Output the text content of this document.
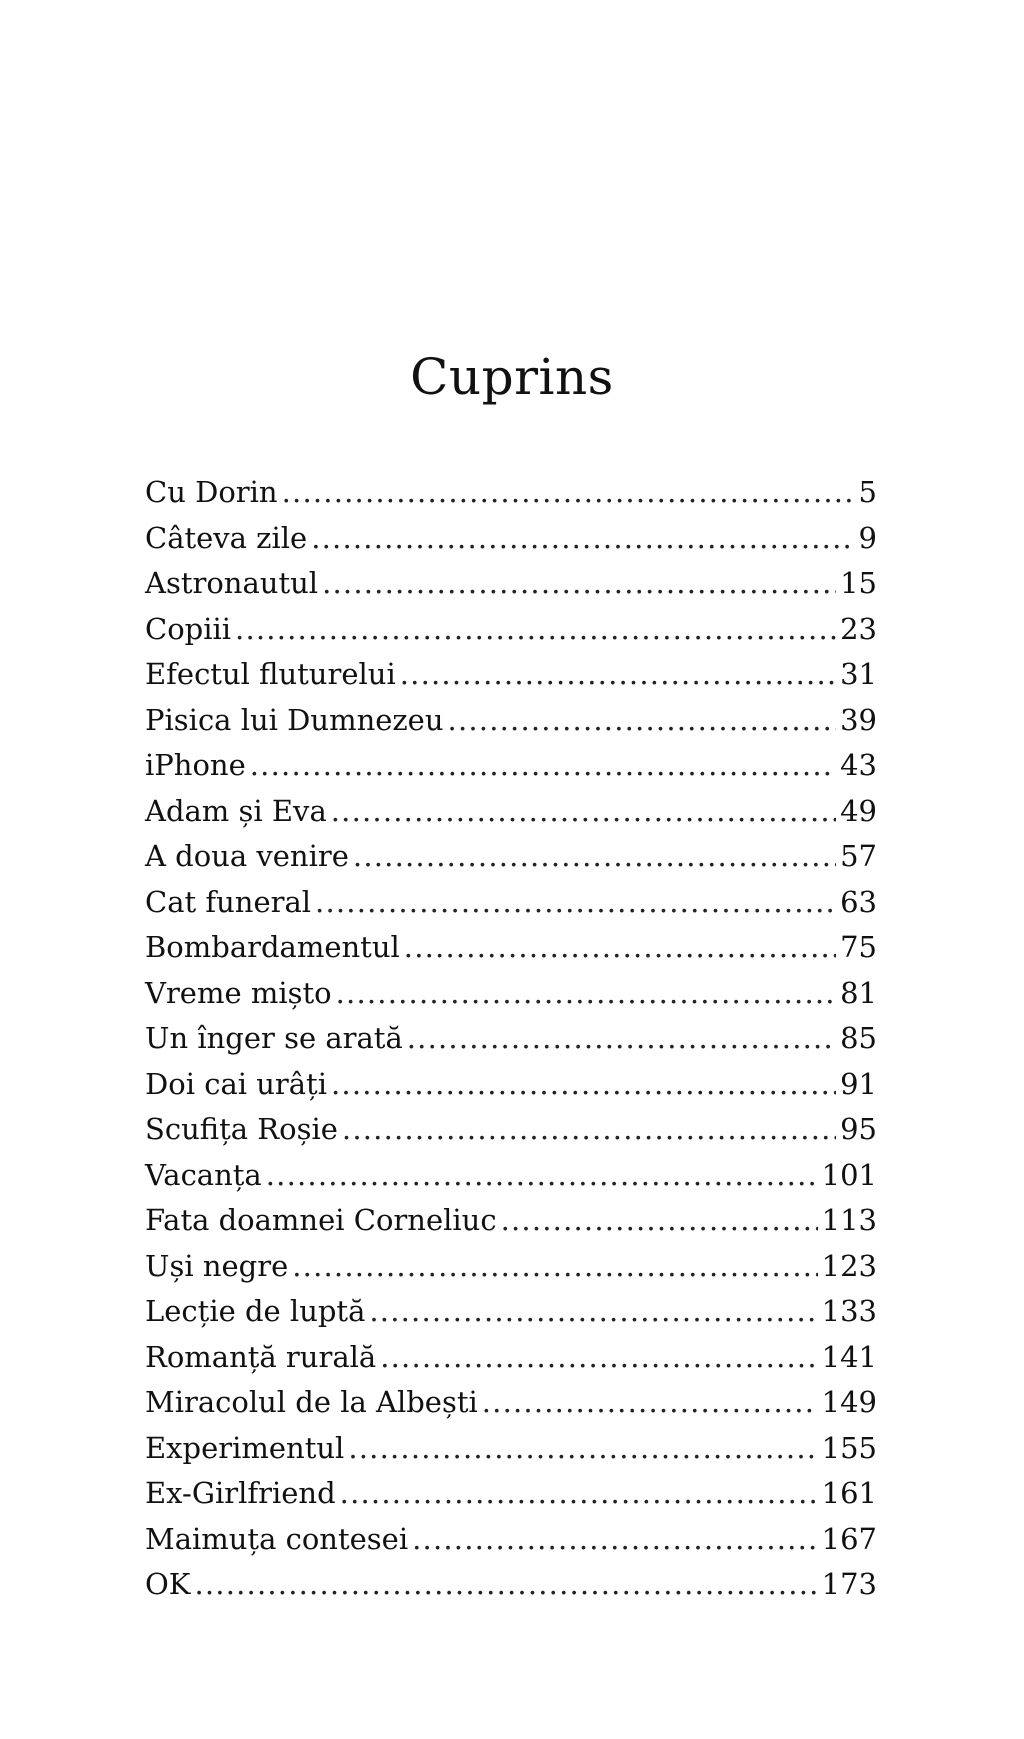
Cuprins
Cu Dorin .....	5
Câteva zile .....	9
Astronautul .....	15
Copiii .....	23
Efectul fluturelui .....	31
Pisica lui Dumnezeu .....	39
iPhone .....	43
Adam și Eva .....	49
A doua venire .....	57
Cat funeral .....	63
Bombardamentul .....	75
Vreme mișto .....	81
Un înger se arată .....	85
Doi cai urâți .....	91
Scufița Roșie .....	95
Vacanța .....	101
Fata doamnei Corneliuc .....	113
Uși negre .....	123
Lecție de luptă .....	133
Romanță rurală .....	141
Miracolul de la Albești .....	149
Experimentul .....	155
Ex-Girlfriend .....	161
Maimuța contesei .....	167
OK .....	173
